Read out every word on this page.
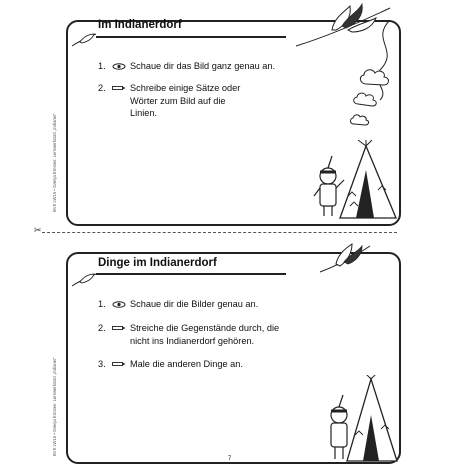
✂
BVK LW15 • Svenja Ernsten: Lernwerkstatt „Indianer“
BVK LW15 • Svenja Ernsten: Lernwerkstatt „Indianer“
Im Indianerdorf
1.	Schaue dir das Bild ganz genau an.
2.	Schreibe einige Sätze oder Wörter zum Bild auf die Linien.
Dinge im Indianerdorf
1.	Schaue dir die Bilder genau an.
2.	Streiche die Gegenstände durch, die nicht ins Indianerdorf gehören.
3.	Male die anderen Dinge an.
7
